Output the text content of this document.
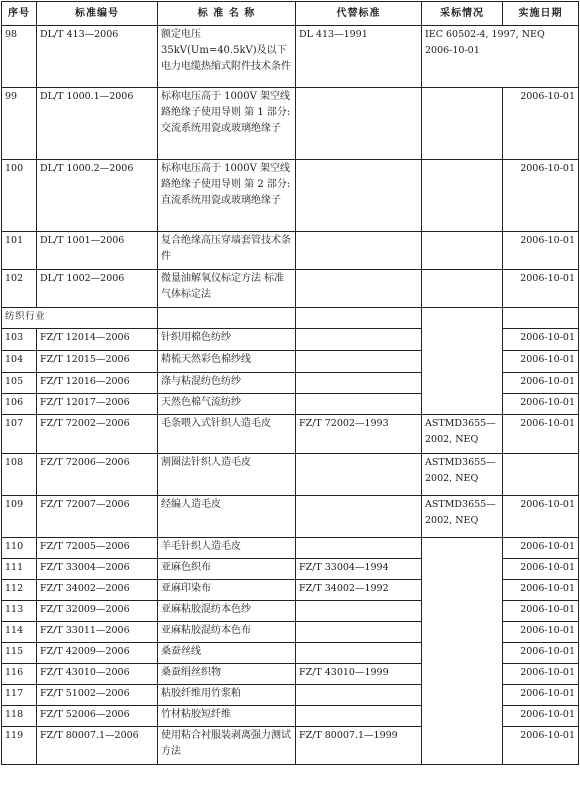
序号	标准编号	标 准 名 称	代替标准	采标情况	实施日期
98	DL/T 413—2006	额定电压 35kV(Um=40.5kV)及以下电力电缆热缩式附件技术条件	DL 413—1991	IEC 60502-4, 1997, NEQ 2006-10-01	
99	DL/T 1000.1—2006	标称电压高于 1000V 架空线路绝缘子使用导则 第 1 部分:交流系统用瓷或玻璃绝缘子			2006-10-01
100	DL/T 1000.2—2006	标称电压高于 1000V 架空线路绝缘子使用导则 第 2 部分:直流系统用瓷或玻璃绝缘子			2006-10-01
101	DL/T 1001—2006	复合绝缘高压穿墙套管技术条件			2006-10-01
102	DL/T 1002—2006	微量油解氧仪标定方法 标准气体标定法			2006-10-01
纺织行业					
103	FZ/T 12014—2006	针织用棉色纺纱			2006-10-01
104	FZ/T 12015—2006	精梳天然彩色棉纱线			2006-10-01
105	FZ/T 12016—2006	涤与粘混纺色纺纱			2006-10-01
106	FZ/T 12017—2006	天然色棉气流纺纱			2006-10-01
107	FZ/T 72002—2006	毛条喂入式针织人造毛皮	FZ/T 72002—1993	ASTMD3655—2002, NEQ	2006-10-01
108	FZ/T 72006—2006	割圈法针织人造毛皮		ASTMD3655—2002, NEQ	
109	FZ/T 72007—2006	经编人造毛皮		ASTMD3655—2002, NEQ	2006-10-01
110	FZ/T 72005—2006	羊毛针织人造毛皮			2006-10-01
111	FZ/T 33004—2006	亚麻色织布	FZ/T 33004—1994		2006-10-01
112	FZ/T 34002—2006	亚麻印染布	FZ/T 34002—1992		2006-10-01
113	FZ/T 32009—2006	亚麻粘胶混纺本色纱			2006-10-01
114	FZ/T 33011—2006	亚麻粘胶混纺本色布			2006-10-01
115	FZ/T 42009—2006	桑蚕丝线			2006-10-01
116	FZ/T 43010—2006	桑蚕绢丝织物	FZ/T 43010—1999		2006-10-01
117	FZ/T 51002—2006	粘胶纤维用竹浆粕			2006-10-01
118	FZ/T 52006—2006	竹材粘胶短纤维			2006-10-01
119	FZ/T 80007.1—2006	使用粘合衬服装剥离强力测试方法	FZ/T 80007.1—1999		2006-10-01
